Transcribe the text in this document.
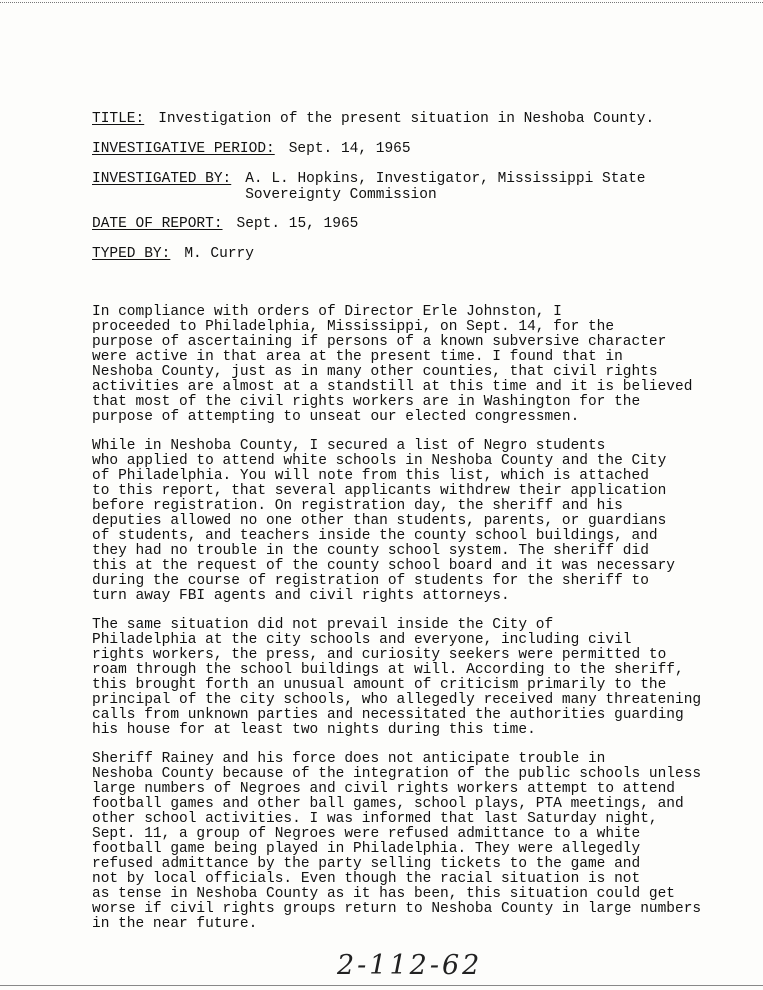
TITLE: Investigation of the present situation in Neshoba County.
INVESTIGATIVE PERIOD: Sept. 14, 1965
INVESTIGATED BY: A. L. Hopkins, Investigator, Mississippi State
Sovereignty Commission
DATE OF REPORT: Sept. 15, 1965
TYPED BY: M. Curry

In compliance with orders of Director Erle Johnston, I
proceeded to Philadelphia, Mississippi, on Sept. 14, for the
purpose of ascertaining if persons of a known subversive character
were active in that area at the present time. I found that in
Neshoba County, just as in many other counties, that civil rights
activities are almost at a standstill at this time and it is believed
that most of the civil rights workers are in Washington for the
purpose of attempting to unseat our elected congressmen.

While in Neshoba County, I secured a list of Negro students
who applied to attend white schools in Neshoba County and the City
of Philadelphia. You will note from this list, which is attached
to this report, that several applicants withdrew their application
before registration. On registration day, the sheriff and his
deputies allowed no one other than students, parents, or guardians
of students, and teachers inside the county school buildings, and
they had no trouble in the county school system. The sheriff did
this at the request of the county school board and it was necessary
during the course of registration of students for the sheriff to
turn away FBI agents and civil rights attorneys.

The same situation did not prevail inside the City of
Philadelphia at the city schools and everyone, including civil
rights workers, the press, and curiosity seekers were permitted to
roam through the school buildings at will. According to the sheriff,
this brought forth an unusual amount of criticism primarily to the
principal of the city schools, who allegedly received many threatening
calls from unknown parties and necessitated the authorities guarding
his house for at least two nights during this time.

Sheriff Rainey and his force does not anticipate trouble in
Neshoba County because of the integration of the public schools unless
large numbers of Negroes and civil rights workers attempt to attend
football games and other ball games, school plays, PTA meetings, and
other school activities. I was informed that last Saturday night,
Sept. 11, a group of Negroes were refused admittance to a white
football game being played in Philadelphia. They were allegedly
refused admittance by the party selling tickets to the game and
not by local officials. Even though the racial situation is not
as tense in Neshoba County as it has been, this situation could get
worse if civil rights groups return to Neshoba County in large numbers
in the near future.

2-112-62
